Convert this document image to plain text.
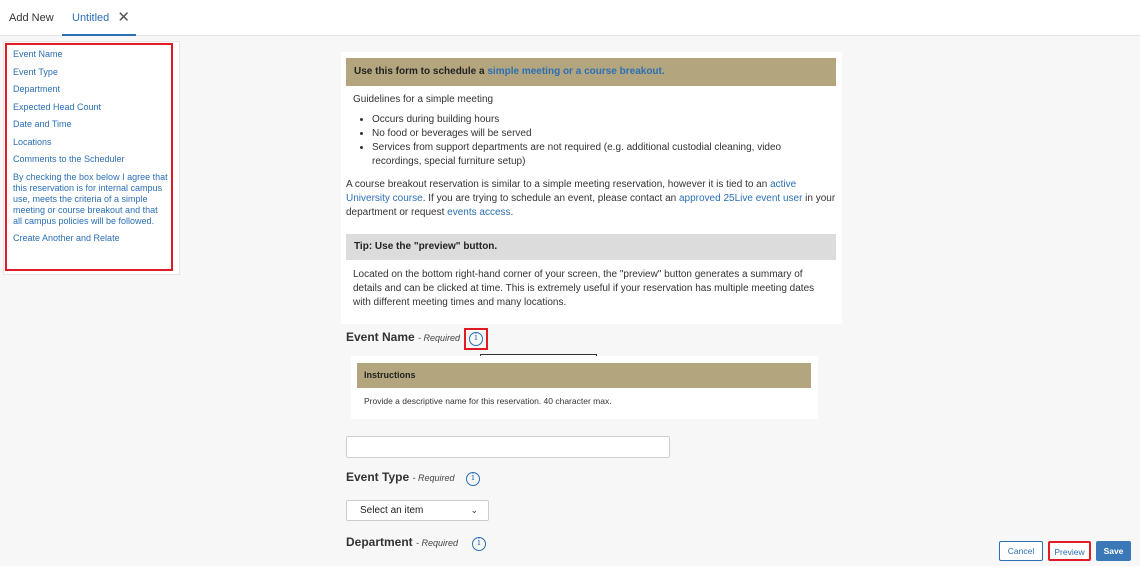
Add New	Untitled ✕
Event Name
Event Type
Department
Expected Head Count
Date and Time
Locations
Comments to the Scheduler
By checking the box below I agree that this reservation is for internal campus use, meets the criteria of a simple meeting or course breakout and that all campus policies will be followed.
Create Another and Relate
Use this form to schedule a simple meeting or a course breakout.
Guidelines for a simple meeting
• Occurs during building hours
• No food or beverages will be served
• Services from support departments are not required (e.g. additional custodial cleaning, video recordings, special furniture setup)
A course breakout reservation is similar to a simple meeting reservation, however it is tied to an active University course. If you are trying to schedule an event, please contact an approved 25Live event user in your department or request events access.
Tip: Use the "preview" button.
Located on the bottom right-hand corner of your screen, the "preview" button generates a summary of details and can be clicked at time. This is extremely useful if your reservation has multiple meeting dates with different meeting times and many locations.
Event Name - Required	i
Instructions
Provide a descriptive name for this reservation. 40 character max.
Event Type - Required	i
Select an item	⌄
Department - Required	i
Cancel	Preview	Save
